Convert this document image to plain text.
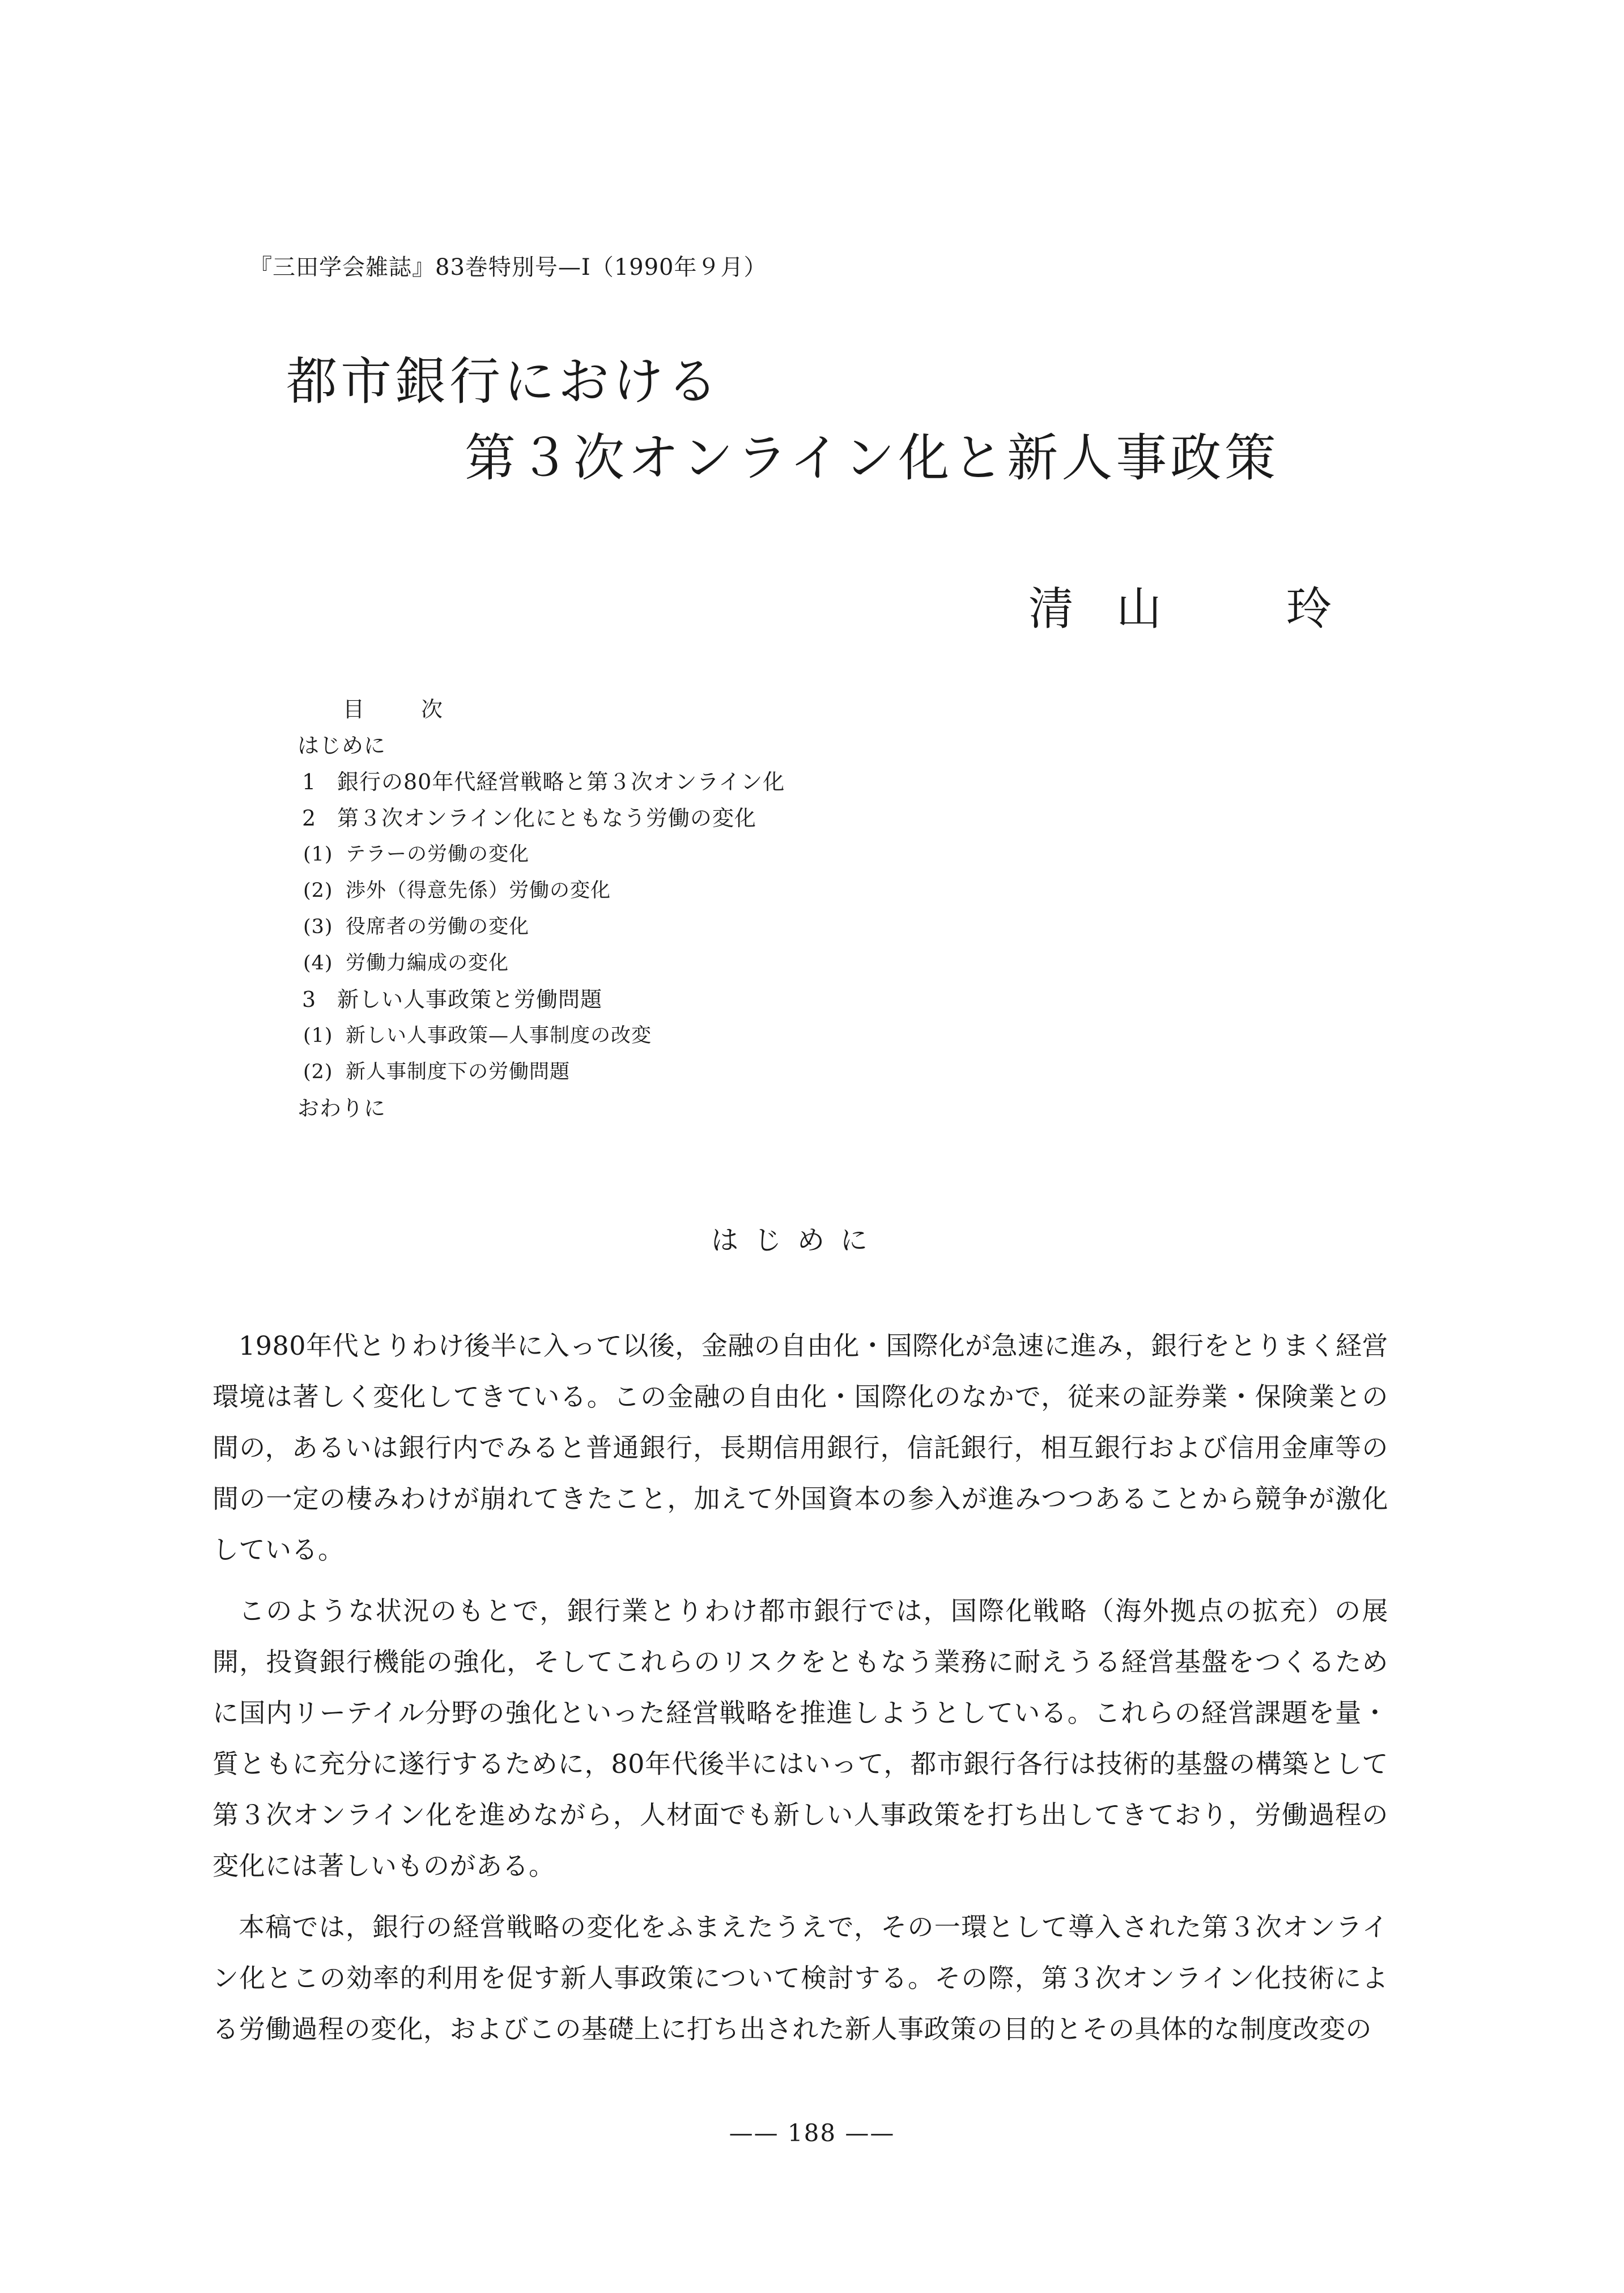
『三田学会雑誌』83巻特別号—Ⅰ（1990年９月）
都市銀行における
第３次オンライン化と新人事政策
清 山	玲
目次
はじめに
1 銀行の80年代経営戦略と第３次オンライン化
2 第３次オンライン化にともなう労働の変化
(1) テラーの労働の変化
(2) 渉外（得意先係）労働の変化
(3) 役席者の労働の変化
(4) 労働力編成の変化
3 新しい人事政策と労働問題
(1) 新しい人事政策—人事制度の改変
(2) 新人事制度下の労働問題
おわりに
はじめに

1980年代とりわけ後半に入って以後，金融の自由化・国際化が急速に進み，銀行をとりまく経営環境は著しく変化してきている。この金融の自由化・国際化のなかで，従来の証券業・保険業との間の，あるいは銀行内でみると普通銀行，長期信用銀行，信託銀行，相互銀行および信用金庫等の間の一定の棲みわけが崩れてきたこと，加えて外国資本の参入が進みつつあることから競争が激化している。

このような状況のもとで，銀行業とりわけ都市銀行では，国際化戦略（海外拠点の拡充）の展開，投資銀行機能の強化，そしてこれらのリスクをともなう業務に耐えうる経営基盤をつくるために国内リーテイル分野の強化といった経営戦略を推進しようとしている。これらの経営課題を量・質ともに充分に遂行するために，80年代後半にはいって，都市銀行各行は技術的基盤の構築として第３次オンライン化を進めながら，人材面でも新しい人事政策を打ち出してきており，労働過程の変化には著しいものがある。

本稿では，銀行の経営戦略の変化をふまえたうえで，その一環として導入された第３次オンライン化とこの効率的利用を促す新人事政策について検討する。その際，第３次オンライン化技術による労働過程の変化，およびこの基礎上に打ち出された新人事政策の目的とその具体的な制度改変の

—— 188 ——
